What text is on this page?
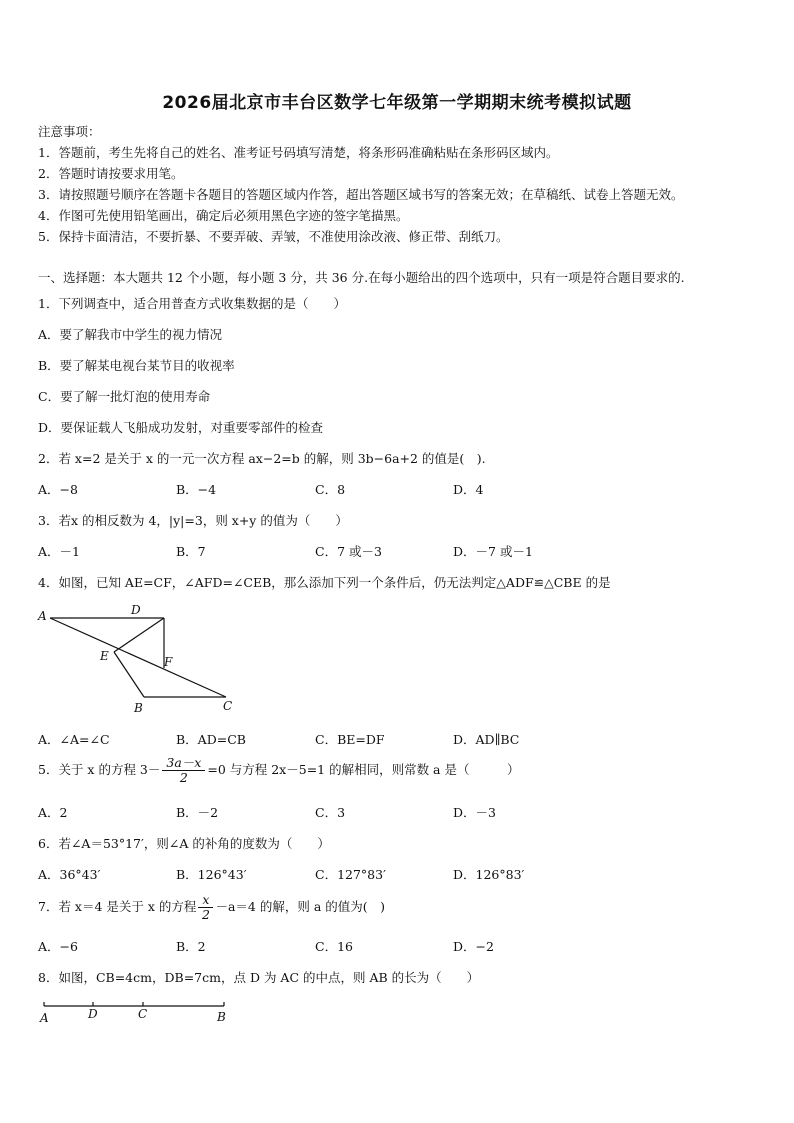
2026届北京市丰台区数学七年级第一学期期末统考模拟试题
注意事项：
1．答题前，考生先将自己的姓名、准考证号码填写清楚，将条形码准确粘贴在条形码区域内。
2．答题时请按要求用笔。
3．请按照题号顺序在答题卡各题目的答题区域内作答，超出答题区域书写的答案无效；在草稿纸、试卷上答题无效。
4．作图可先使用铅笔画出，确定后必须用黑色字迹的签字笔描黑。
5．保持卡面清洁，不要折暴、不要弄破、弄皱，不准使用涂改液、修正带、刮纸刀。
一、选择题：本大题共 12 个小题，每小题 3 分，共 36 分.在每小题给出的四个选项中，只有一项是符合题目要求的.
1．下列调查中，适合用普查方式收集数据的是（　　）
A．要了解我市中学生的视力情况
B．要了解某电视台某节目的收视率
C．要了解一批灯泡的使用寿命
D．要保证载人飞船成功发射，对重要零部件的检查
2．若 x=2 是关于 x 的一元一次方程 ax−2=b 的解，则 3b−6a+2 的值是(　).
A．−8	B．−4	C．8	D．4
3．若x 的相反数为 4，|y|=3，则 x+y 的值为（　　）
A．－1	B．7	C．7 或－3	D．－7 或－1
4．如图，已知 AE=CF，∠AFD=∠CEB，那么添加下列一个条件后，仍无法判定△ADF≌△CBE 的是
A	D
E	F
B	C
A．∠A=∠C	B．AD=CB	C．BE=DF	D．AD∥BC
5．关于 x 的方程 $3- \frac{3a-x}{2} =0$ 与方程 2x－5=1 的解相同，则常数 a 是（　　　）
A．2	B．－2	C．3	D．－3
6．若∠A＝53°17′，则∠A 的补角的度数为（　　）
A．36°43′	B．126°43′	C．127°83′	D．126°83′
7．若 x＝4 是关于 x 的方程 $\frac{x}{2} -a=4$ 的解，则 a 的值为(　)
A．−6	B．2	C．16	D．−2
8．如图，CB=4cm，DB=7cm，点 D 为 AC 的中点，则 AB 的长为（　　）
A	D	C	B
